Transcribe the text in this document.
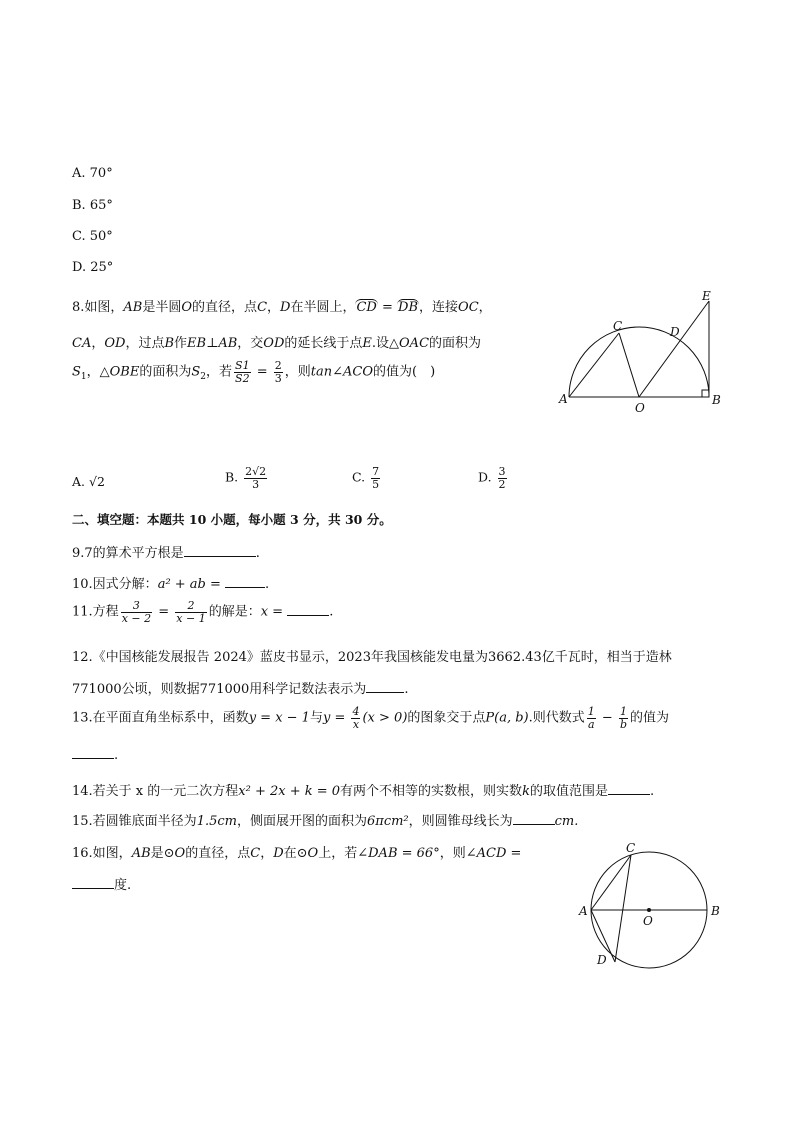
A. 70°
B. 65°
C. 50°
D. 25°
8.如图，AB是半圆O的直径，点C，D在半圆上，CD = DB，连接OC，
CA，OD，过点B作EB⊥AB，交OD的延长线于点E.设△OAC的面积为
$S_1$，△OBE的面积为$S_2$，若 $\frac{S1}{S2} = \frac{2}{3}$ ，则tan∠ACO的值为(　)
A	B
C	D
E
O
A. √2	B. $\frac{2√2}{3}$	C. $\frac{7}{5}$	D. $\frac{3}{2}$
二、填空题：本题共 10 小题，每小题 3 分，共 30 分。
9.7的算术平方根是	.
10.因式分解：a² + ab =	.
11.方程 $\frac{3}{x - 2} = \frac{2}{x - 1}$ 的解是：x =	.
12.《中国核能发展报告 2024》蓝皮书显示，2023年我国核能发电量为3662.43亿千瓦时，相当于造林
771000公顷，则数据771000用科学记数法表示为	.
13.在平面直角坐标系中，函数y = x − 1与$y = \frac{4}{x} (x > 0)$的图象交于点P(a, b).则代数式 $\frac{1}{a} - \frac{1}{b}$ 的值为
.
14.若关于 x 的一元二次方程x² + 2x + k = 0有两个不相等的实数根，则实数k的取值范围是	.
15.若圆锥底面半径为1.5cm，侧面展开图的面积为6πcm²，则圆锥母线长为	cm.
16.如图，AB是⊙O的直径，点C，D在⊙O上，若∠DAB = 66°，则∠ACD =
度.
A	B
C
D
O
